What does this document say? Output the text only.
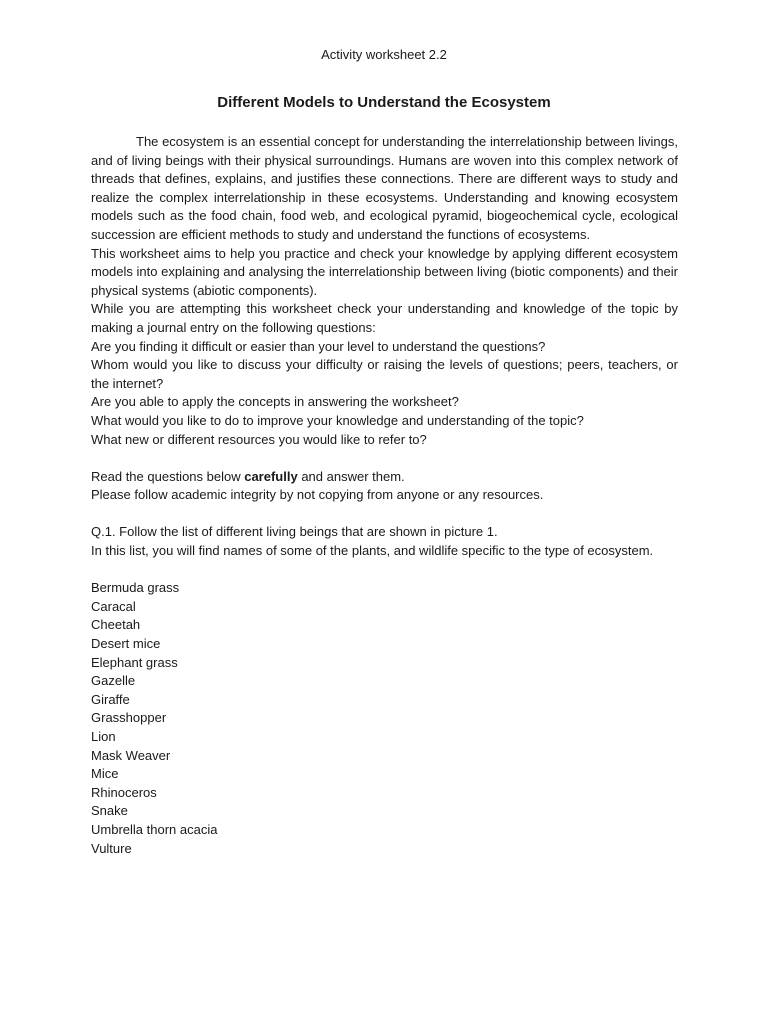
Activity worksheet 2.2
Different Models to Understand the Ecosystem

The ecosystem is an essential concept for understanding the interrelationship between livings, and of living beings with their physical surroundings. Humans are woven into this complex network of threads that defines, explains, and justifies these connections. There are different ways to study and realize the complex interrelationship in these ecosystems. Understanding and knowing ecosystem models such as the food chain, food web, and ecological pyramid, biogeochemical cycle, ecological succession are efficient methods to study and understand the functions of ecosystems.

This worksheet aims to help you practice and check your knowledge by applying different ecosystem models into explaining and analysing the interrelationship between living (biotic components) and their physical systems (abiotic components).

While you are attempting this worksheet check your understanding and knowledge of the topic by making a journal entry on the following questions:

Are you finding it difficult or easier than your level to understand the questions?

Whom would you like to discuss your difficulty or raising the levels of questions; peers, teachers, or the internet?

Are you able to apply the concepts in answering the worksheet?

What would you like to do to improve your knowledge and understanding of the topic?

What new or different resources you would like to refer to?

Read the questions below carefully and answer them.

Please follow academic integrity by not copying from anyone or any resources.

Q.1. Follow the list of different living beings that are shown in picture 1.

In this list, you will find names of some of the plants, and wildlife specific to the type of ecosystem.

Bermuda grass
Caracal
Cheetah
Desert mice
Elephant grass
Gazelle
Giraffe
Grasshopper
Lion
Mask Weaver
Mice
Rhinoceros
Snake
Umbrella thorn acacia
Vulture
